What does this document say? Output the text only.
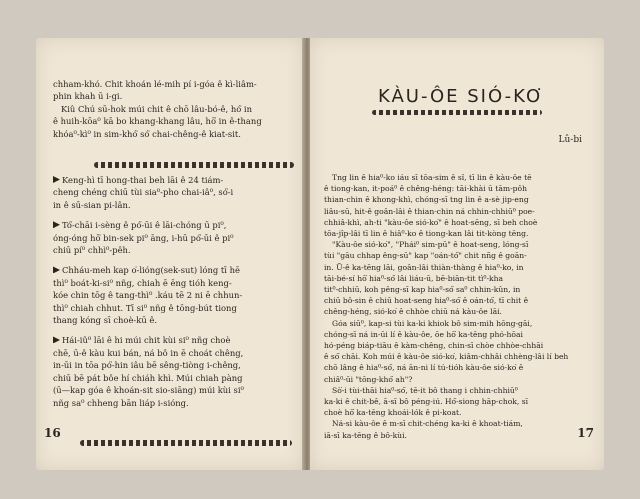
chham-khó. Chit khoán lé-mih pí i-góa ê kì-liâm-
phin khah ū i-gi.
Kiû Chú sū-hok múi chit ê chō lâu-bó-ê, hó͘ in
ê huih-kōa⁰ kā bo khang-khang lâu, hō͘ in ê-thang
khóa⁰-kì⁰ in sim-khó͘ só͘ chai-chêng-ê kiat-sit.
Keng-hì tī hong-thai beh lāi ê 24 tiám-
cheng chéng chiū tùi sia⁰-pho chai-iâ⁰, só͘-i
in ê sū-sian pi-lân.
Tó͘-chāi i-sèng ê pó͘-ūi ê lāi-chóng ū pi⁰,
óng-óng hō͘ bin-sek pi⁰ āng, i-hū pó͘-ūi ê pi⁰
chiū pí⁰ chhì⁰-pêh.
Chháu-meh kap o͘-lióng(sek-sut) lóng tī hē
thì⁰ boát-ki-si⁰ nñg, chiah ē ēng tióh keng-
kóe chin tōg ê tang-thì⁰ .káu tē 2 ni ē chhun-
thì⁰ chiah chhut. Tī si⁰ nñg ê tōng-bút tiong
thang kóng sī choè-kū ê.
Hái-iû⁰ lāi ê hi múi chit kùi si⁰ nñg choè
chē, ū-ê kàu kui bán, ná bô in ē choát chêng,
in-ūi in tōa pó͘-hin iâu bē sêng-tiòng i-chêng,
chiū bē pát bôe hí chiáh khì. Múi chiah pàng
(ū—kap góa ê khoán-sit sio-siāng) múi kùi si⁰
nñg sa⁰ chheng bān liáp i-sióng.
16
KÀU-ÔE SIÓ-KO͘
Lû-bi
Tng lin ê hia⁰-ko iáu sī tōa-sim ê sî, tī lin ê kàu-ôe tē
ê tiong-kan, it-poá⁰ ê chêng-héng: tāi-khài ū tām-pôh
thian-chin ê khong-khì, chóng-sī tng lin ê a-sè jip-eng
liâu-sū, hit-ê goân-lâi ê thian-chin ná chhin-chhiū⁰ poe-
chhiâ-khì, ah-ti "kàu-ôe sió-ko͘" ê hoat-sēng, sī beh choè
tōa-jîp-lâi tī lin ê hiâ⁰-ko ê tiong-kan lâi tit-kòng tēng.
"Kàu-ôe sió-ko͘", "Phái⁰ sim-pū" ê hoat-seng, lóng-sī
tùi "gāu chhap êng-sū" kap "oán-tó͘" chit nñg ê goān-
in. Ū-ê ka-tēng lāi, goân-lâi thiàn-thàng ê hia⁰-ko, in
tāi-bé-sí hō͘ hia⁰-só͘ lâi liáu-ū, bē-biān-tit tì⁰-kha
tit⁰-chhiū, koh pêng-sī kap hia⁰-só͘ sa⁰ chhin-kûn, in
chiū bô-sin ê chiū hoat-seng hia⁰-só͘ ê oán-tó͘, tī chit ê
chêng-héng, sió-ko͘ ê chhòe chiū ná kàu-ôe lāi.
Góa siū⁰, kap-si tùi ka-ki khiok bô sim-mih hōng-gāi,
chóng-sī ná in-ūi lí ê kàu-ôe, ōe hō͘ ka-tēng phó-hōai
hó-péng biáp-tiāu ê kàm-chêng, chin-sī chòe chhòe-chhāi
ê só͘ chāi. Koh múi ê kàu-ôe sió-ko͘, kiâm-chhâi chhèng-lâi lí beh
chō lâng ê hia⁰-só͘, ná ān-ni lí tú-tióh kàu-ôe sió-ko͘ ê
chiâ⁰-ūi "tōng-khó͘ ah"?
Sò͘-i tùi-thāi hia⁰-só͘, tē-it bô thang i chhin-chhiū⁰
ka-ki ê chit-bê, ā-sī bô péng-iú. Hó͘-siong hāp-chok, sī
choè hō͘ ka-tēng khoái-lók ê pi-koat.
Ná-si kàu-ôe ê m-sī chit-chéng ka-ki ê khoat-tiám,
iā-sī ka-tēng ê bô-kùi.	17
